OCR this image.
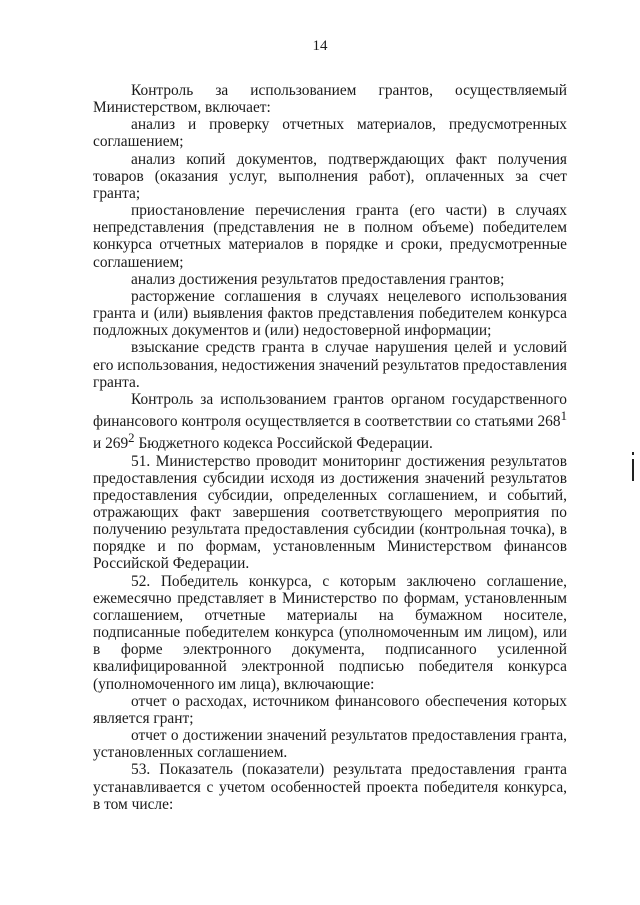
14

Контроль за использованием грантов, осуществляемый Министерством, включает:

анализ и проверку отчетных материалов, предусмотренных соглашением;

анализ копий документов, подтверждающих факт получения товаров (оказания услуг, выполнения работ), оплаченных за счет гранта;

приостановление перечисления гранта (его части) в случаях непредставления (представления не в полном объеме) победителем конкурса отчетных материалов в порядке и сроки, предусмотренные соглашением;

анализ достижения результатов предоставления грантов;

расторжение соглашения в случаях нецелевого использования гранта и (или) выявления фактов представления победителем конкурса подложных документов и (или) недостоверной информации;

взыскание средств гранта в случае нарушения целей и условий его использования, недостижения значений результатов предоставления гранта.

Контроль за использованием грантов органом государственного финансового контроля осуществляется в соответствии со статьями $268^1$ и $269^2$ Бюджетного кодекса Российской Федерации.

51. Министерство проводит мониторинг достижения результатов предоставления субсидии исходя из достижения значений результатов предоставления субсидии, определенных соглашением, и событий, отражающих факт завершения соответствующего мероприятия по получению результата предоставления субсидии (контрольная точка), в порядке и по формам, установленным Министерством финансов Российской Федерации.

52. Победитель конкурса, с которым заключено соглашение, ежемесячно представляет в Министерство по формам, установленным соглашением, отчетные материалы на бумажном носителе, подписанные победителем конкурса (уполномоченным им лицом), или в форме электронного документа, подписанного усиленной квалифицированной электронной подписью победителя конкурса (уполномоченного им лица), включающие:

отчет о расходах, источником финансового обеспечения которых является грант;

отчет о достижении значений результатов предоставления гранта, установленных соглашением.

53. Показатель (показатели) результата предоставления гранта устанавливается с учетом особенностей проекта победителя конкурса, в том числе:
